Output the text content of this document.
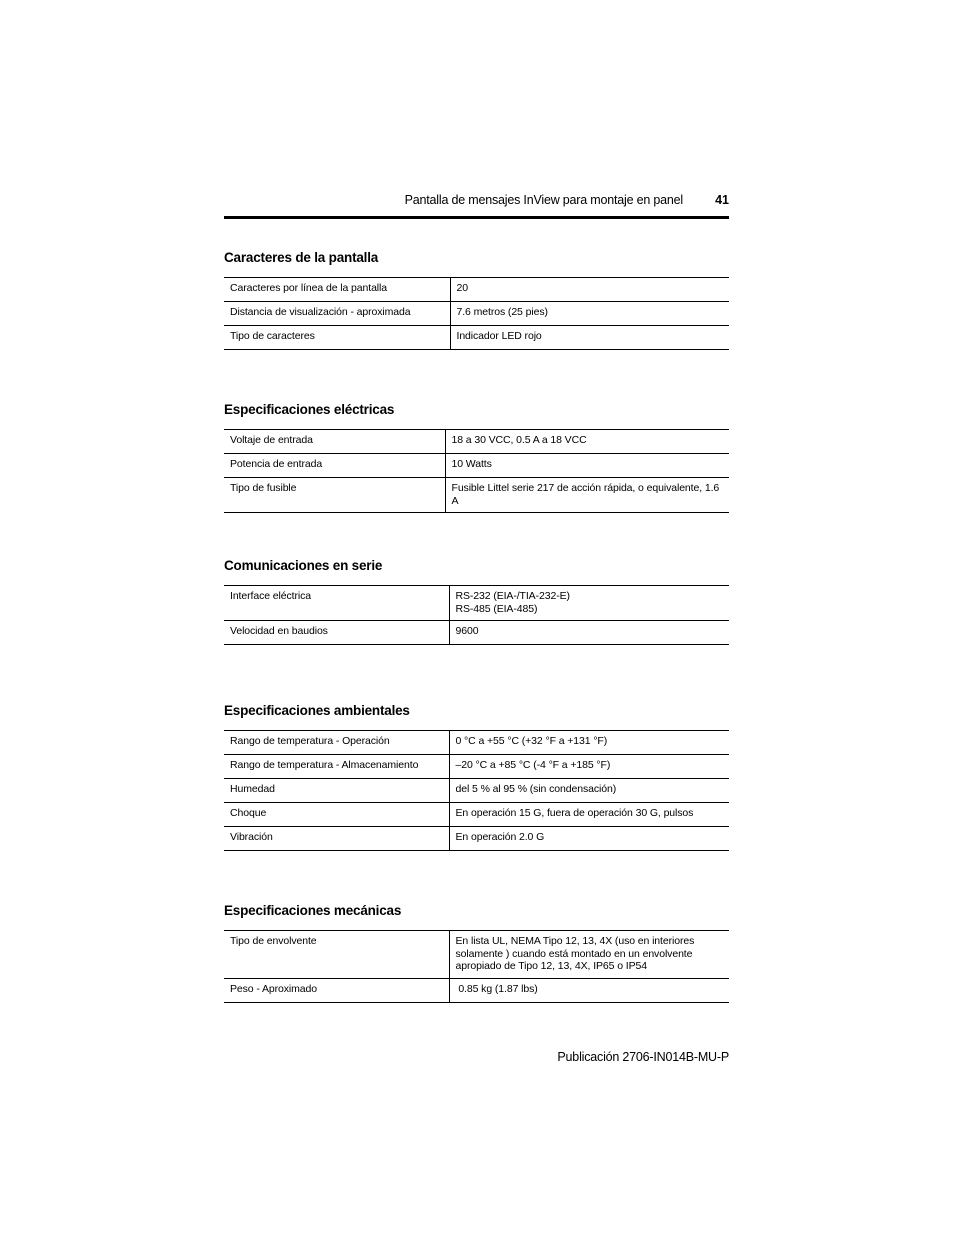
Pantalla de mensajes InView para montaje en panel	41
Caracteres de la pantalla
Caracteres por línea de la pantalla	20
Distancia de visualización - aproximada	7.6 metros (25 pies)
Tipo de caracteres	Indicador LED rojo
Especificaciones eléctricas
Voltaje de entrada	18 a 30 VCC, 0.5 A a 18 VCC
Potencia de entrada	10 Watts
Tipo de fusible	Fusible Littel serie 217 de acción rápida, o equivalente, 1.6 A
Comunicaciones en serie
Interface eléctrica	RS-232 (EIA-/TIA-232-E)
RS-485 (EIA-485)
Velocidad en baudios	9600
Especificaciones ambientales
Rango de temperatura - Operación	0 °C a +55 °C (+32 °F a +131 °F)
Rango de temperatura - Almacenamiento	–20 °C a +85 °C (-4 °F a +185 °F)
Humedad	del 5 % al 95 % (sin condensación)
Choque	En operación 15 G, fuera de operación 30 G, pulsos
Vibración	En operación 2.0 G
Especificaciones mecánicas
Tipo de envolvente	En lista UL, NEMA Tipo 12, 13, 4X (uso en interiores
solamente ) cuando está montado en un envolvente
apropiado de Tipo 12, 13, 4X, IP65 o IP54
Peso - Aproximado	0.85 kg (1.87 lbs)
Publicación 2706-IN014B-MU-P
